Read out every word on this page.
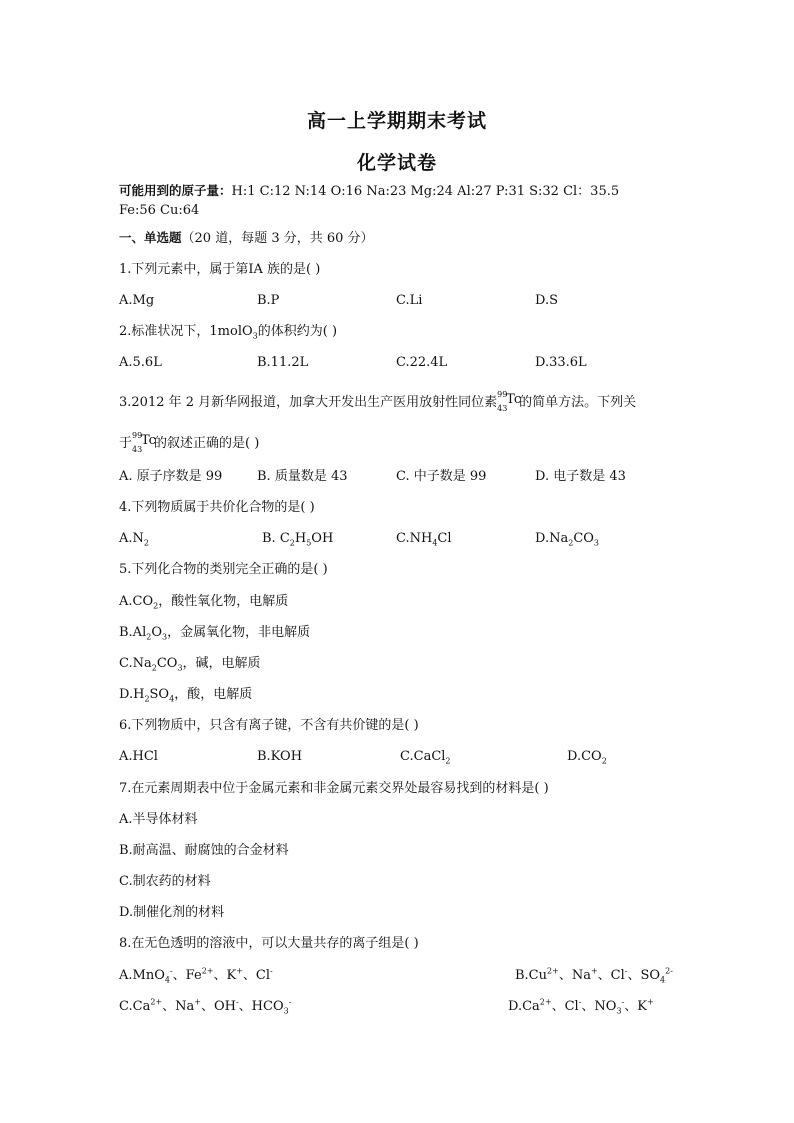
高一上学期期末考试
化学试卷
可能用到的原子量：H:1 C:12 N:14 O:16 Na:23 Mg:24 Al:27 P:31 S:32 Cl：35.5
Fe:56 Cu:64
一、单选题（20 道，每题 3 分，共 60 分）
1.下列元素中，属于第ⅠA 族的是( )
A.Mg	B.P	C.Li	D.S
2.标准状况下，1molO$_3$的体积约为( )
A.5.6L	B.11.2L	C.22.4L	D.33.6L
3.2012 年 2 月新华网报道，加拿大开发出生产医用放射性同位素
99
43
Tc
的简单方法。下列关
于
99
43
Tc
的叙述正确的是( )
A. 原子序数是 99	B. 质量数是 43	C. 中子数是 99	D. 电子数是 43
4.下列物质属于共价化合物的是( )
$A.N_2$	B. $C_2H_5OH$	$C.NH_4Cl$	$D.Na_2CO_3$
5.下列化合物的类别完全正确的是( )
$A.CO_2$，酸性氧化物，电解质
$B.Al_2O_3$，金属氧化物，非电解质
$C.Na_2CO_3$，碱，电解质
$D.H_2SO_4$，酸，电解质
6.下列物质中，只含有离子键，不含有共价键的是( )
A.HCl	B.KOH	C.CaCl$_2$	$D.CO_2$
7.在元素周期表中位于金属元素和非金属元素交界处最容易找到的材料是( )
A.半导体材料
B.耐高温、耐腐蚀的合金材料
C.制农药的材料
D.制催化剂的材料
8.在无色透明的溶液中，可以大量共存的离子组是( )
A.MnO$_4$-、$Fe^{2+}$、K+、Cl-	$B.Cu^{2+}$、Na+、Cl-、$SO_4^{2-}$
$C.Ca^{2+}$、Na+、OH-、$HCO_3^-$	$D.Ca^{2+}$、Cl-、$NO_3^-$、K+
